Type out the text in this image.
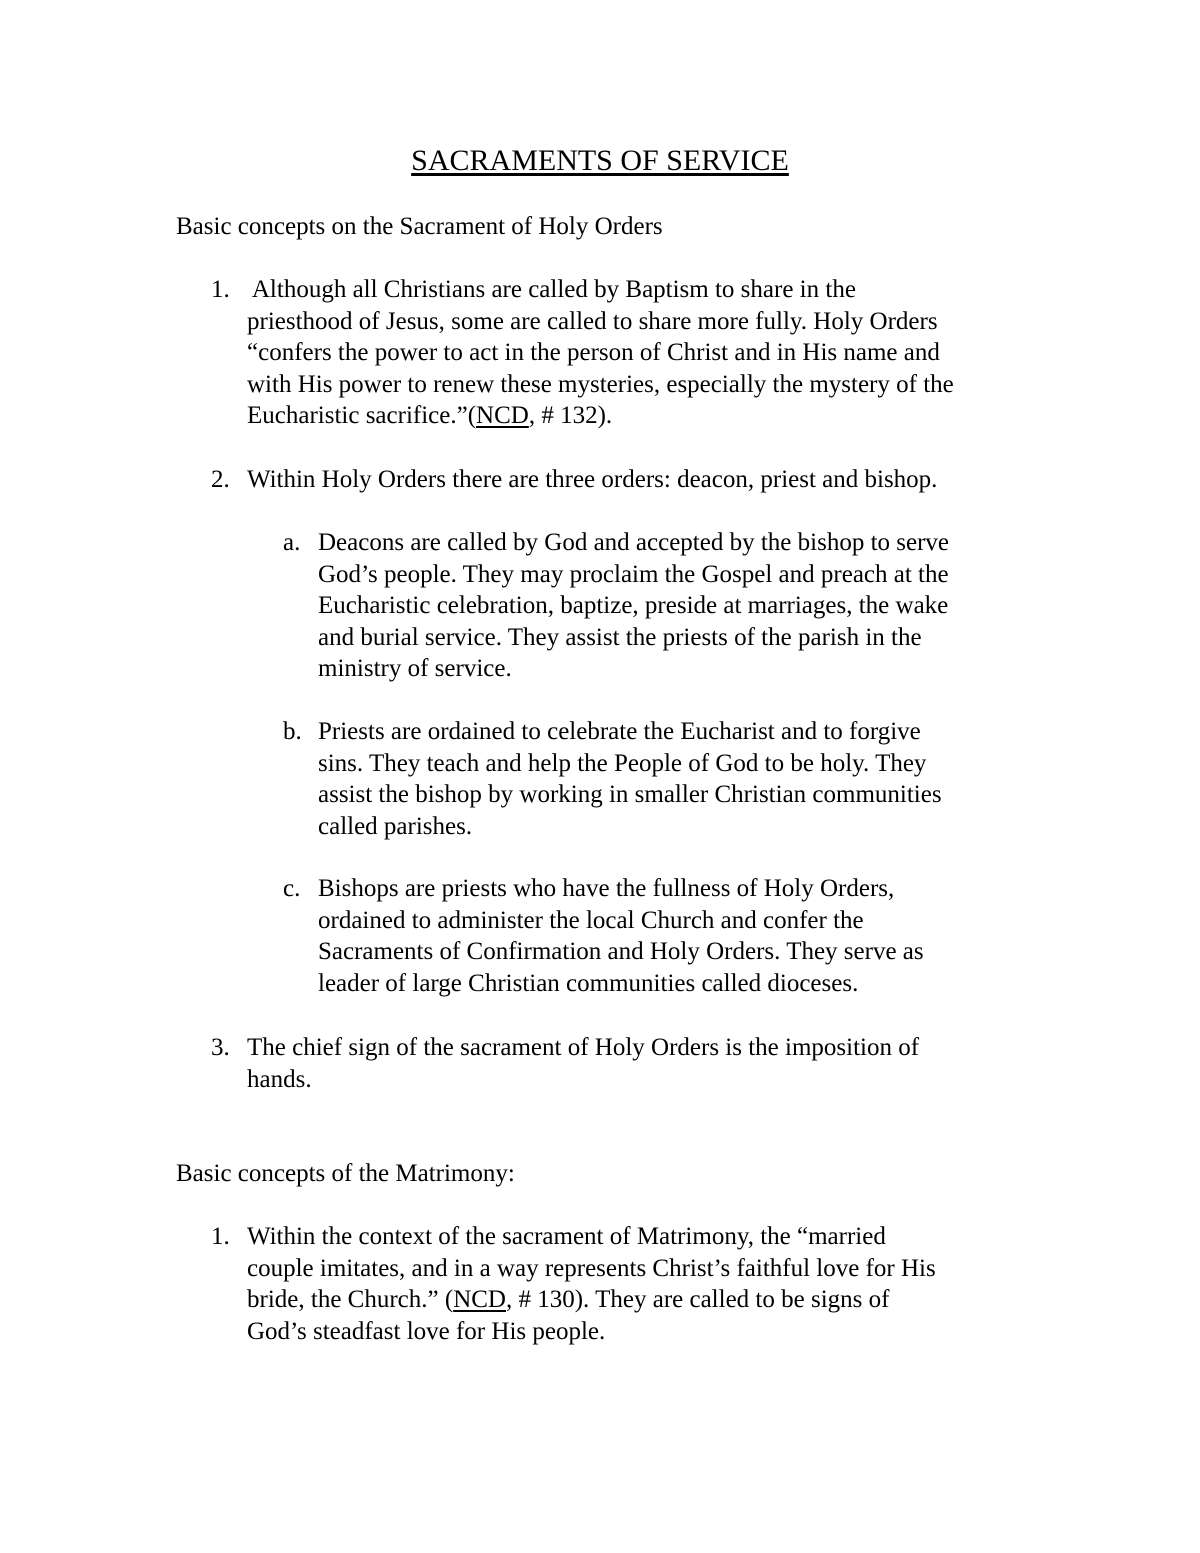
SACRAMENTS OF SERVICE
Basic concepts on the Sacrament of Holy Orders
1. Although all Christians are called by Baptism to share in the
priesthood of Jesus, some are called to share more fully. Holy Orders
“confers the power to act in the person of Christ and in His name and
with His power to renew these mysteries, especially the mystery of the
Eucharistic sacrifice.”(NCD, # 132).
2. Within Holy Orders there are three orders: deacon, priest and bishop.
a. Deacons are called by God and accepted by the bishop to serve
God’s people. They may proclaim the Gospel and preach at the
Eucharistic celebration, baptize, preside at marriages, the wake
and burial service. They assist the priests of the parish in the
ministry of service.
b. Priests are ordained to celebrate the Eucharist and to forgive
sins. They teach and help the People of God to be holy. They
assist the bishop by working in smaller Christian communities
called parishes.
c. Bishops are priests who have the fullness of Holy Orders,
ordained to administer the local Church and confer the
Sacraments of Confirmation and Holy Orders. They serve as
leader of large Christian communities called dioceses.
3. The chief sign of the sacrament of Holy Orders is the imposition of
hands.
Basic concepts of the Matrimony:
1. Within the context of the sacrament of Matrimony, the “married
couple imitates, and in a way represents Christ’s faithful love for His
bride, the Church.” (NCD, # 130). They are called to be signs of
God’s steadfast love for His people.
